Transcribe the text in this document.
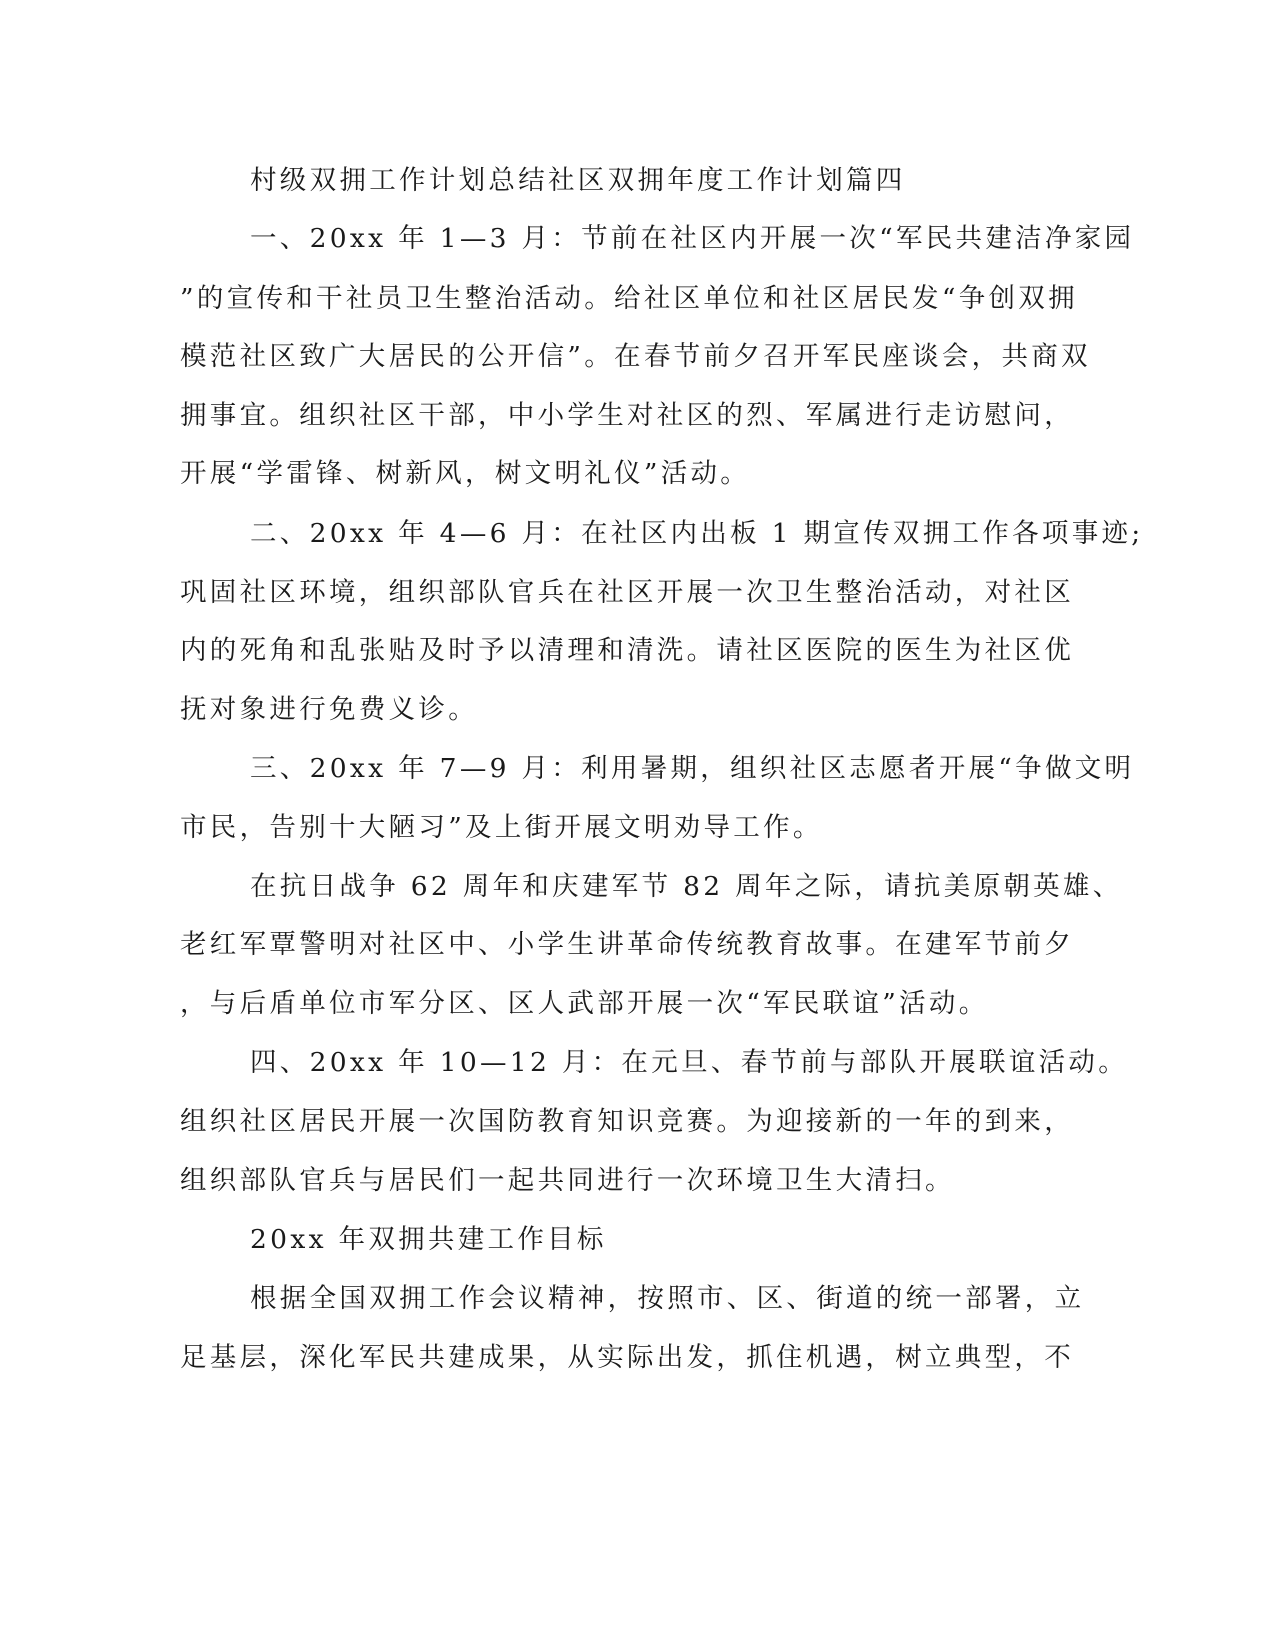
村级双拥工作计划总结社区双拥年度工作计划篇四

一、20xx 年 1—3 月：节前在社区内开展一次“军民共建洁净家园

”的宣传和干社员卫生整治活动。给社区单位和社区居民发“争创双拥

模范社区致广大居民的公开信”。在春节前夕召开军民座谈会，共商双

拥事宜。组织社区干部，中小学生对社区的烈、军属进行走访慰问，

开展“学雷锋、树新风，树文明礼仪”活动。

二、20xx 年 4—6 月：在社区内出板 1 期宣传双拥工作各项事迹;

巩固社区环境，组织部队官兵在社区开展一次卫生整治活动，对社区

内的死角和乱张贴及时予以清理和清洗。请社区医院的医生为社区优

抚对象进行免费义诊。

三、20xx 年 7—9 月：利用暑期，组织社区志愿者开展“争做文明

市民，告别十大陋习”及上街开展文明劝导工作。

在抗日战争 62 周年和庆建军节 82 周年之际，请抗美原朝英雄、

老红军覃警明对社区中、小学生讲革命传统教育故事。在建军节前夕

，与后盾单位市军分区、区人武部开展一次“军民联谊”活动。

四、20xx 年 10—12 月：在元旦、春节前与部队开展联谊活动。

组织社区居民开展一次国防教育知识竞赛。为迎接新的一年的到来，

组织部队官兵与居民们一起共同进行一次环境卫生大清扫。

20xx 年双拥共建工作目标

根据全国双拥工作会议精神，按照市、区、街道的统一部署，立

足基层，深化军民共建成果，从实际出发，抓住机遇，树立典型，不
